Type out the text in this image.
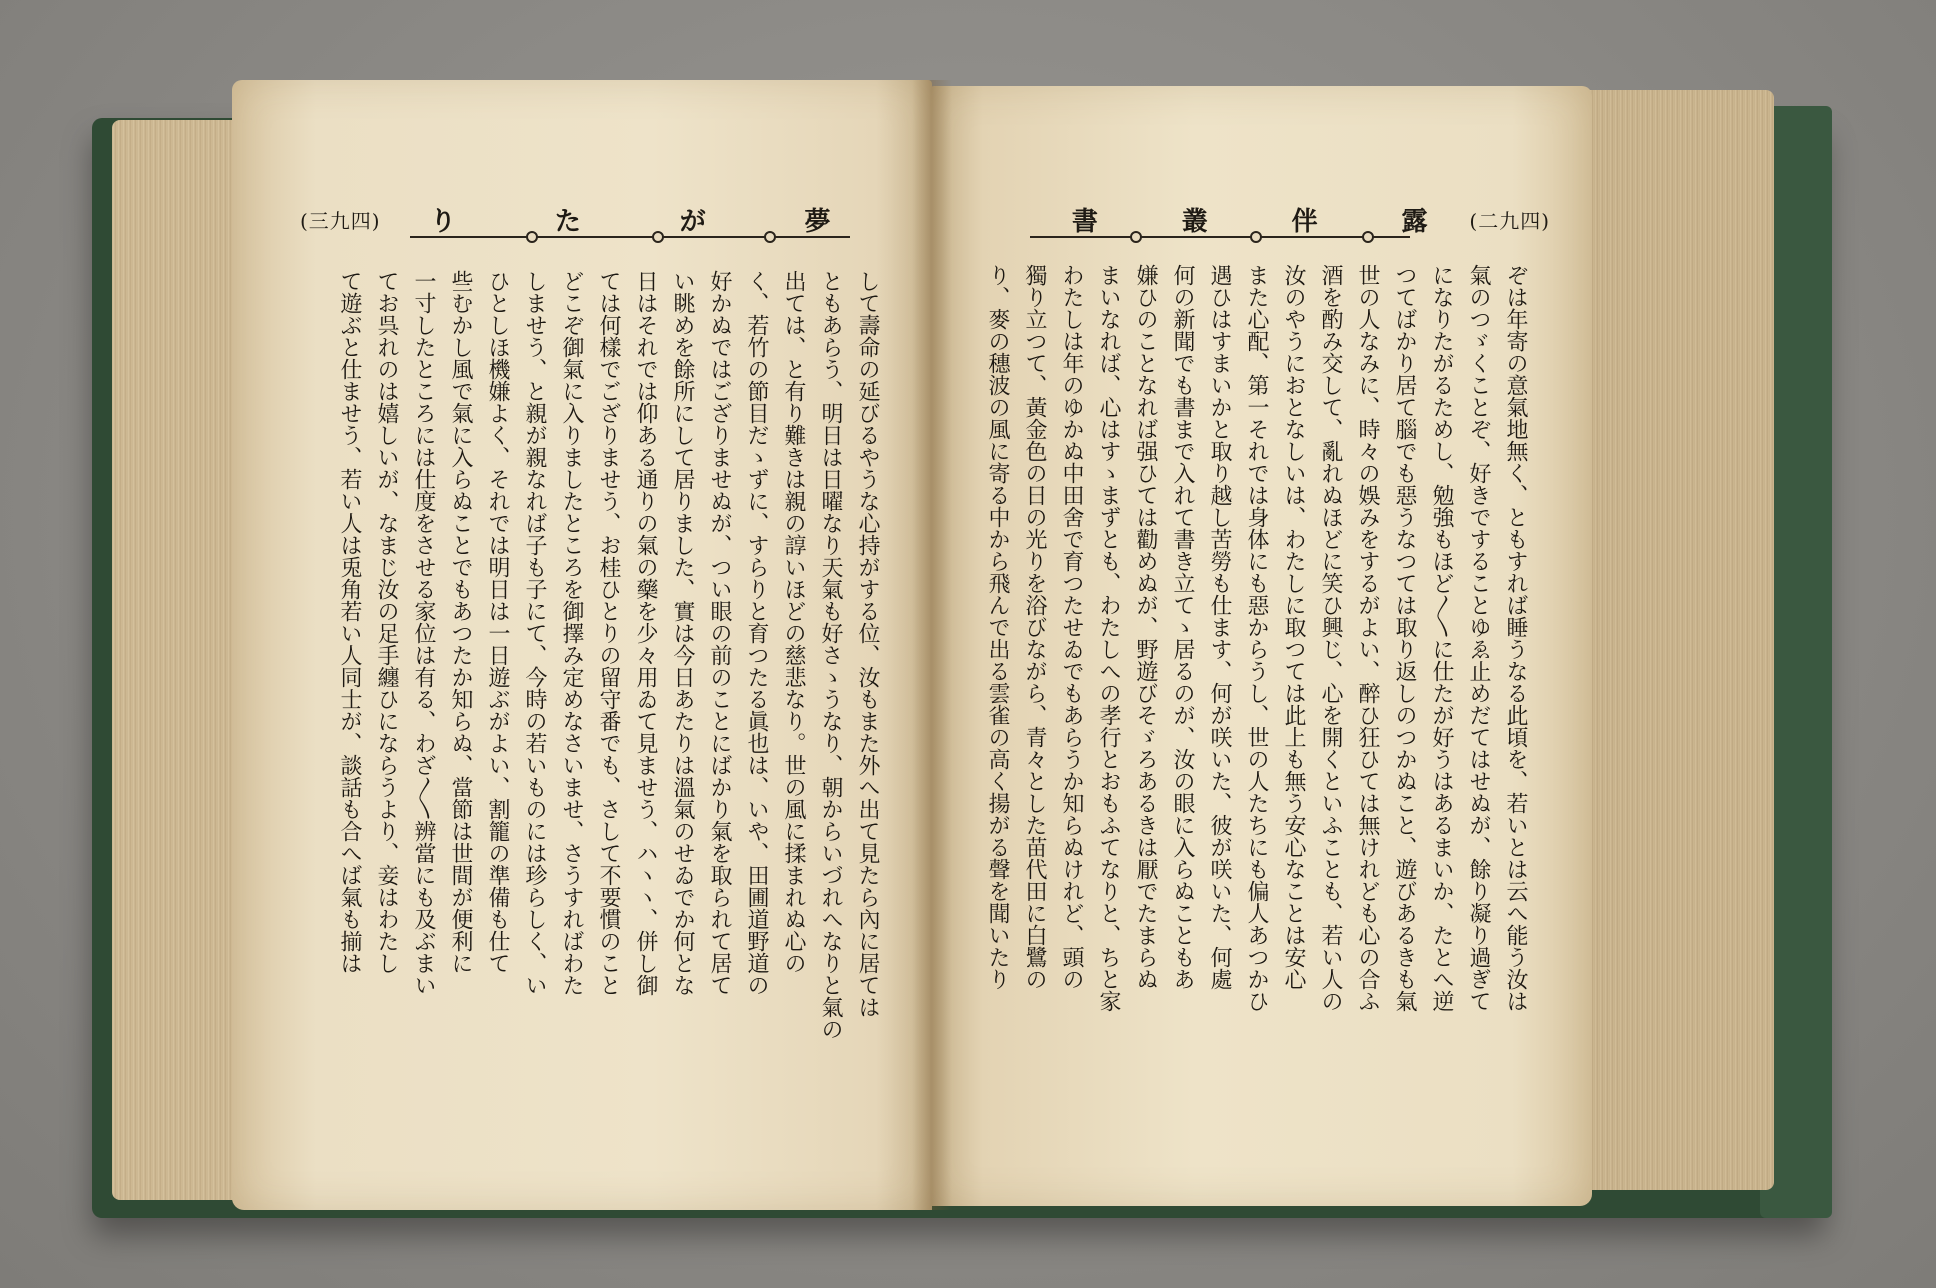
(三九四) り	た	が	夢	書	叢	伴	露 (二九四)
して壽命の延びるやうな心持がする位、汝もまた外へ出て見たら內に居ては
ともあらう、明日は日曜なり天氣も好さゝうなり、朝からいづれへなりと氣の
出ては、と有り難きは親の諄いほどの慈悲なり。世の風に揉まれぬ心の
く、若竹の節目だゝずに、すらりと育つたる眞也は、いや、田圃道野道の
好かぬではござりませぬが、つい眼の前のことにばかり氣を取られて居て
い眺めを餘所にして居りました、實は今日あたりは溫氣のせゐでか何とな
日はそれでは仰ある通りの氣の藥を少々用ゐて見ませう、ハヽヽ、併し御
ては何樣でござりませう、お桂ひとりの留守番でも、さして不要慣のこと
どこぞ御氣に入りましたところを御擇み定めなさいませ、さうすればわた
しませう、と親が親なれば子も子にて、今時の若いものには珍らしく、い
ひとしほ機嫌よく、それでは明日は一日遊ぶがよい、割籠の準備も仕て
些むかし風で氣に入らぬことでもあつたか知らぬ、當節は世間が便利に
一寸したところには仕度をさせる家位は有る、わざ〳〵辨當にも及ぶまい
てお呉れのは嬉しいが、なまじ汝の足手纏ひにならうより、妾はわたし
て遊ぶと仕ませう、若い人は兎角若い人同士が、談話も合へば氣も揃は	ぞは年寄の意氣地無く、ともすれば睡うなる此頃を、若いとは云へ能う汝は
氣のつゞくことぞ、好きですることゆゑ止めだてはせぬが、餘り凝り過ぎて
になりたがるためし、勉強もほど〳〵に仕たが好うはあるまいか、たとへ逆
つてばかり居て腦でも惡うなつては取り返しのつかぬこと、遊びあるきも氣
世の人なみに、時々の娛みをするがよい、醉ひ狂ひては無けれども心の合ふ
酒を酌み交して、亂れぬほどに笑ひ興じ、心を開くといふことも、若い人の
汝のやうにおとなしいは、わたしに取つては此上も無う安心なことは安心
また心配、第一それでは身体にも惡からうし、世の人たちにも偏人あつかひ
遇ひはすまいかと取り越し苦勞も仕ます、何が咲いた、彼が咲いた、何處
何の新聞でも書まで入れて書き立てゝ居るのが、汝の眼に入らぬこともあ
嫌ひのことなれば强ひては勸めぬが、野遊びそゞろあるきは厭でたまらぬ
まいなれば、心はすゝまずとも、わたしへの孝行とおもふてなりと、ちと家
わたしは年のゆかぬ中田舍で育つたせゐでもあらうか知らぬけれど、頭の
獨り立つて、黃金色の日の光りを浴びながら、青々とした苗代田に白鷺の
り、麥の穗波の風に寄る中から飛んで出る雲雀の高く揚がる聲を聞いたり
